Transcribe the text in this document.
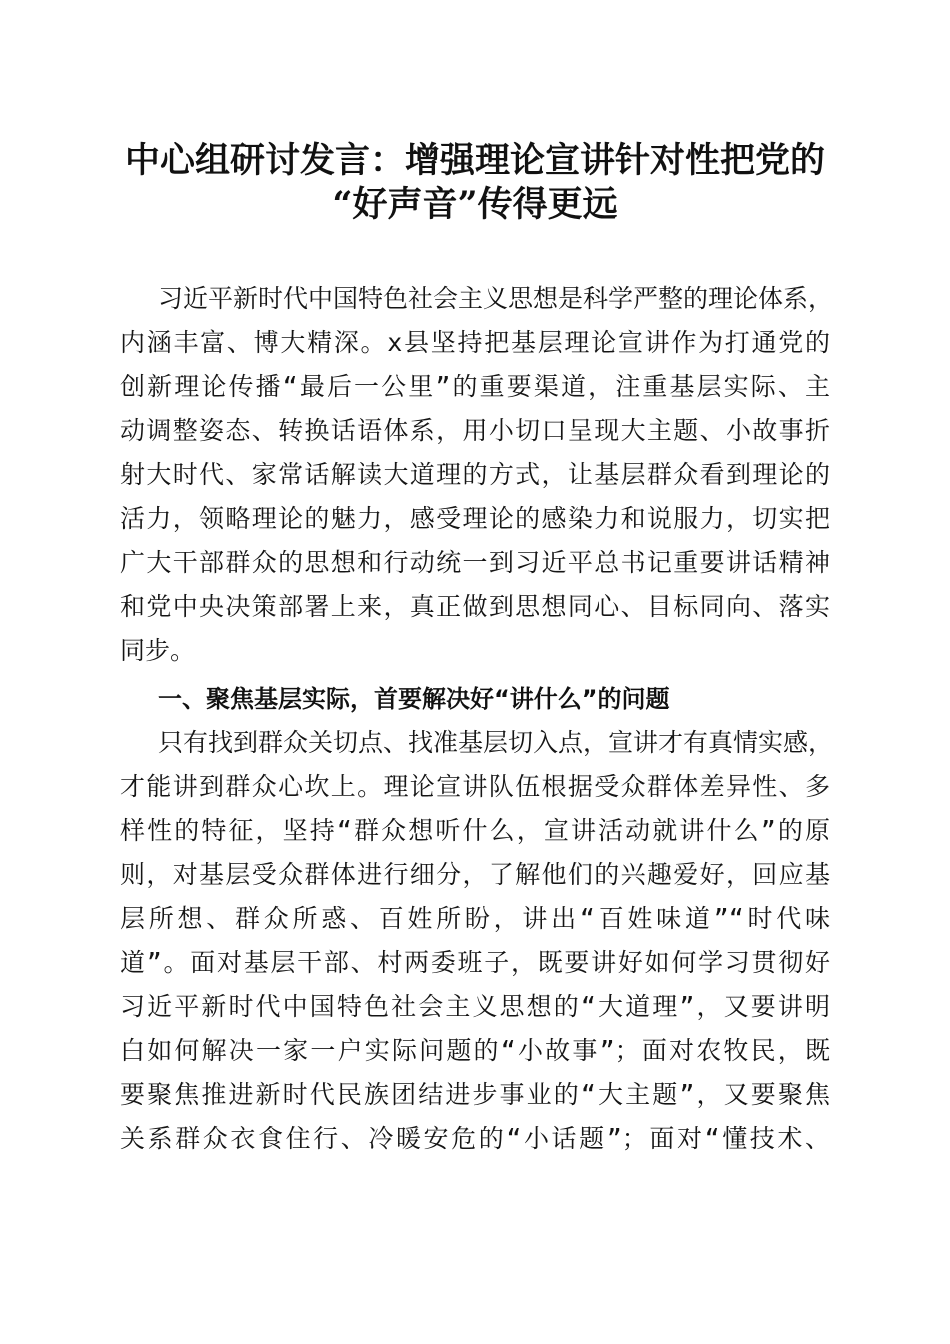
中心组研讨发言：增强理论宣讲针对性把党的
“好声音”传得更远
习近平新时代中国特色社会主义思想是科学严整的理论体系，
内涵丰富、博大精深。x县坚持把基层理论宣讲作为打通党的
创新理论传播“最后一公里”的重要渠道，注重基层实际、主
动调整姿态、转换话语体系，用小切口呈现大主题、小故事折
射大时代、家常话解读大道理的方式，让基层群众看到理论的
活力，领略理论的魅力，感受理论的感染力和说服力，切实把
广大干部群众的思想和行动统一到习近平总书记重要讲话精神
和党中央决策部署上来，真正做到思想同心、目标同向、落实
同步。
一、聚焦基层实际，首要解决好“讲什么”的问题
只有找到群众关切点、找准基层切入点，宣讲才有真情实感，
才能讲到群众心坎上。理论宣讲队伍根据受众群体差异性、多
样性的特征，坚持“群众想听什么，宣讲活动就讲什么”的原
则，对基层受众群体进行细分，了解他们的兴趣爱好，回应基
层所想、群众所惑、百姓所盼，讲出“百姓味道”“时代味
道”。面对基层干部、村两委班子，既要讲好如何学习贯彻好
习近平新时代中国特色社会主义思想的“大道理”，又要讲明
白如何解决一家一户实际问题的“小故事”；面对农牧民，既
要聚焦推进新时代民族团结进步事业的“大主题”，又要聚焦
关系群众衣食住行、冷暖安危的“小话题”；面对“懂技术、
